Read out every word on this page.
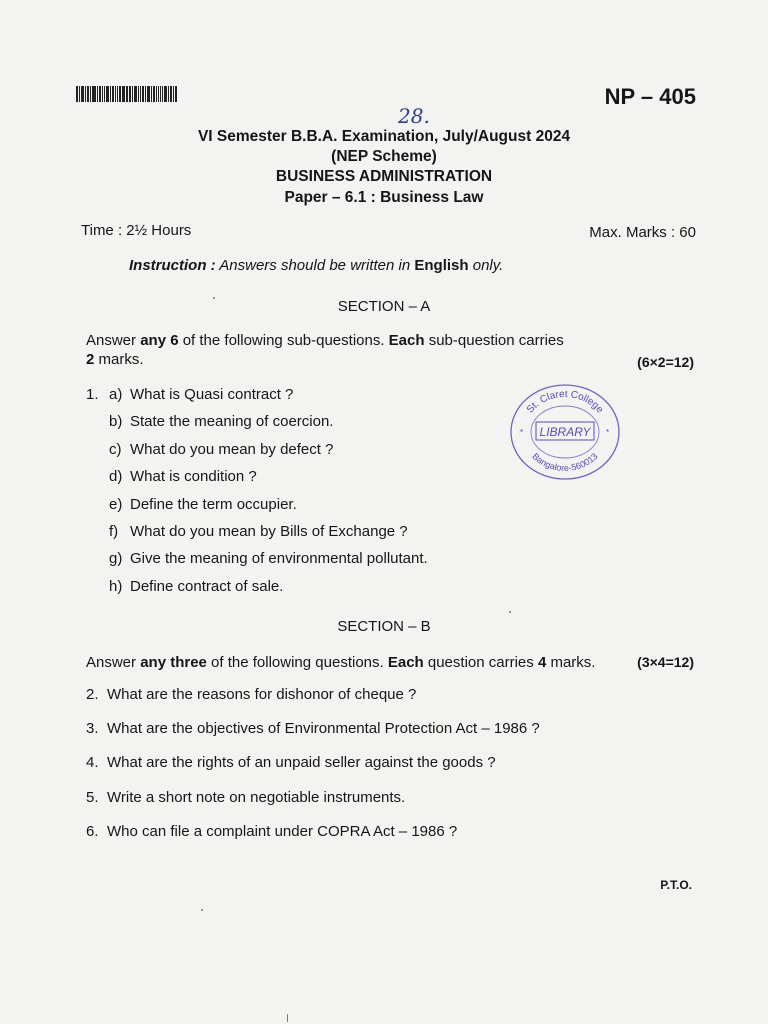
NP – 405
28.
VI Semester B.B.A. Examination, July/August 2024
(NEP Scheme)
BUSINESS ADMINISTRATION
Paper – 6.1 : Business Law
Time : 2½ Hours	Max. Marks : 60
Instruction : Answers should be written in English only.
SECTION – A
Answer any 6 of the following sub-questions. Each sub-question carries
2 marks.	(6×2=12)
1. a) What is Quasi contract ?
b) State the meaning of coercion.
c) What do you mean by defect ?
d) What is condition ?
e) Define the term occupier.
f) What do you mean by Bills of Exchange ?
g) Give the meaning of environmental pollutant.
h) Define contract of sale.
St. Claret College
Bangalore-560013
LIBRARY
*	*
SECTION – B
Answer any three of the following questions. Each question carries 4 marks.	(3×4=12)
2. What are the reasons for dishonor of cheque ?
3. What are the objectives of Environmental Protection Act – 1986 ?
4. What are the rights of an unpaid seller against the goods ?
5. Write a short note on negotiable instruments.
6. Who can file a complaint under COPRA Act – 1986 ?
P.T.O.
